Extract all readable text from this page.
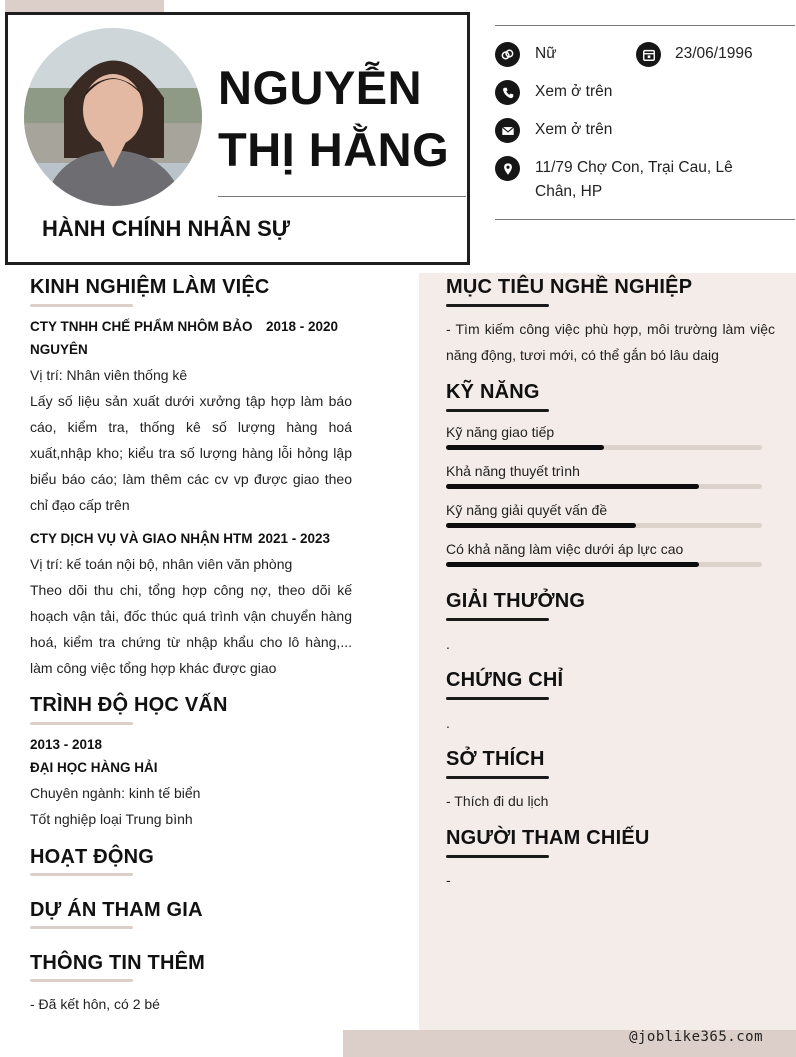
@joblike365.com
NGUYỄN
THỊ HẰNG
HÀNH CHÍNH NHÂN SỰ
Nữ	23/06/1996
Xem ở trên
Xem ở trên
11/79 Chợ Con, Trại Cau, Lê
Chân, HP
KINH NGHIỆM LÀM VIỆC
CTY TNHH CHẾ PHẨM NHÔM BẢO
NGUYÊN
2018 - 2020
Vị trí: Nhân viên thống kê
Lấy số liệu sản xuất dưới xưởng tập hợp làm báo cáo, kiểm tra, thống kê số lượng hàng hoá xuất,nhập kho; kiểu tra số lượng hàng lỗi hỏng lập biểu báo cáo; làm thêm các cv vp được giao theo chỉ đạo cấp trên
CTY DỊCH VỤ VÀ GIAO NHẬN HTM 2021 - 2023
Vị trí: kế toán nội bộ, nhân viên văn phòng
Theo dõi thu chi, tổng hợp công nợ, theo dõi kế hoạch vận tải, đốc thúc quá trình vận chuyển hàng hoá, kiểm tra chứng từ nhập khẩu cho lô hàng,... làm công việc tổng hợp khác được giao
TRÌNH ĐỘ HỌC VẤN
2013 - 2018
ĐẠI HỌC HÀNG HẢI
Chuyên ngành: kinh tế biển
Tốt nghiệp loại Trung bình
HOẠT ĐỘNG
DỰ ÁN THAM GIA
THÔNG TIN THÊM
- Đã kết hôn, có 2 bé
MỤC TIÊU NGHỀ NGHIỆP
- Tìm kiếm công việc phù hợp, môi trường làm việc năng động, tươi mới, có thể gắn bó lâu daig
KỸ NĂNG
Kỹ năng giao tiếp
Khả năng thuyết trình
Kỹ năng giải quyết vấn đề
Có khả năng làm việc dưới áp lực cao
GIẢI THƯỞNG
.
CHỨNG CHỈ
.
SỞ THÍCH
- Thích đi du lịch
NGƯỜI THAM CHIẾU
-
